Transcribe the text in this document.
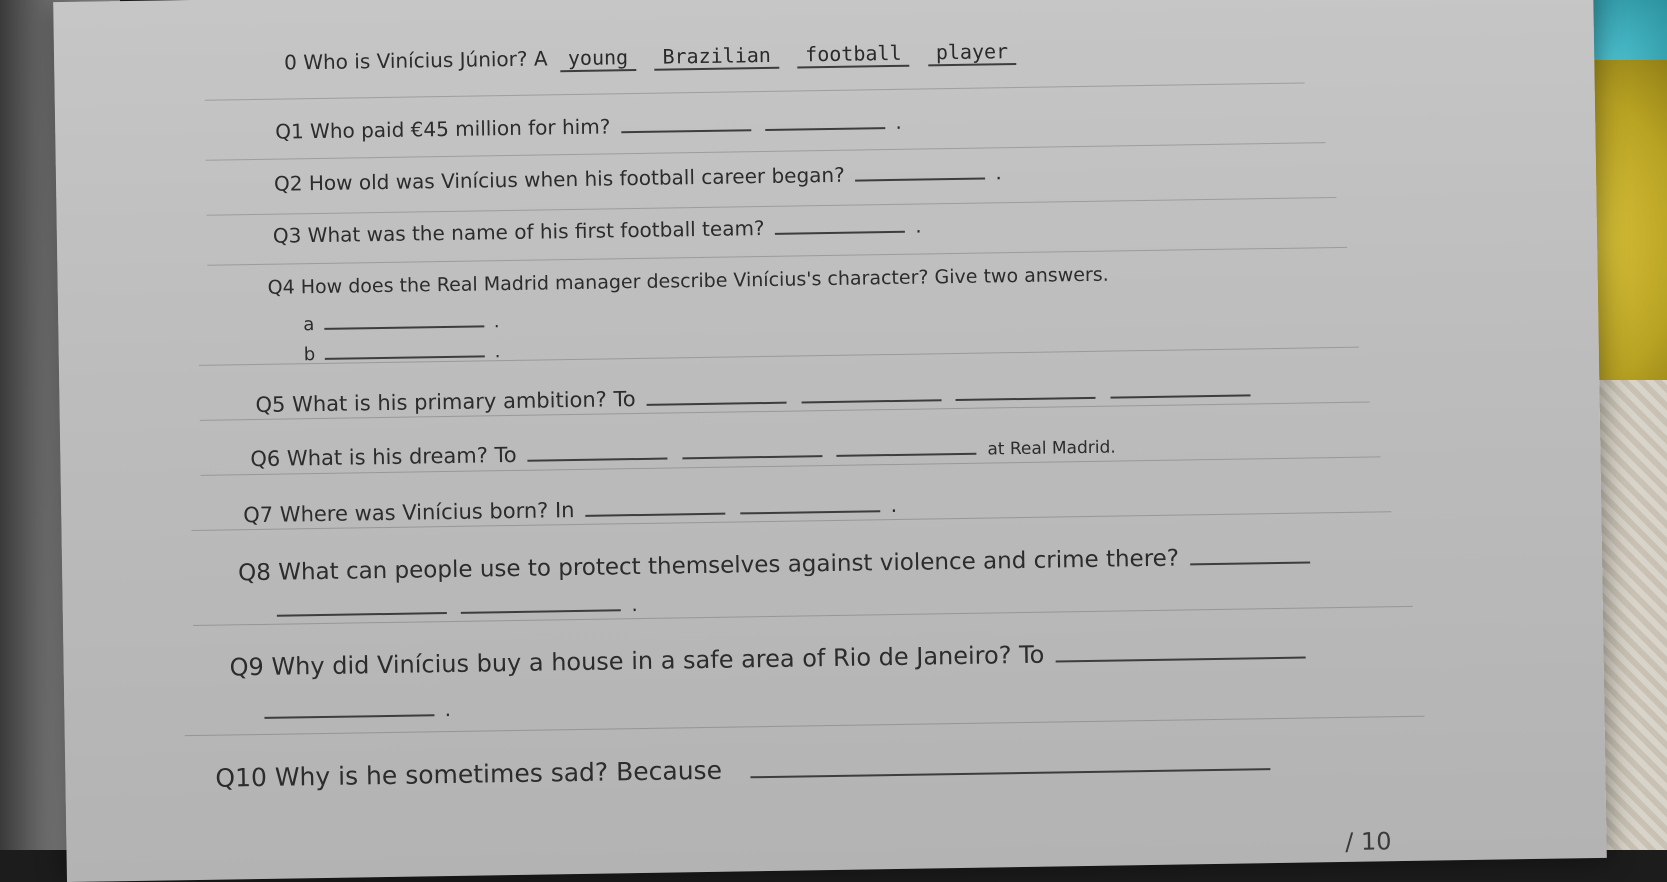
0 Who is Vinícius Júnior? A young Brazilian football player
Q1 Who paid €45 million for him?	.
Q2 How old was Vinícius when his football career began?	.
Q3 What was the name of his first football team?	.
Q4 How does the Real Madrid manager describe Vinícius's character? Give two answers.
a	.
b	.
Q5 What is his primary ambition? To
Q6 What is his dream? To	at Real Madrid.
Q7 Where was Vinícius born? In	.
Q8 What can people use to protect themselves against violence and crime there?
.
Q9 Why did Vinícius buy a house in a safe area of Rio de Janeiro? To
.
Q10 Why is he sometimes sad? Because
/ 10
